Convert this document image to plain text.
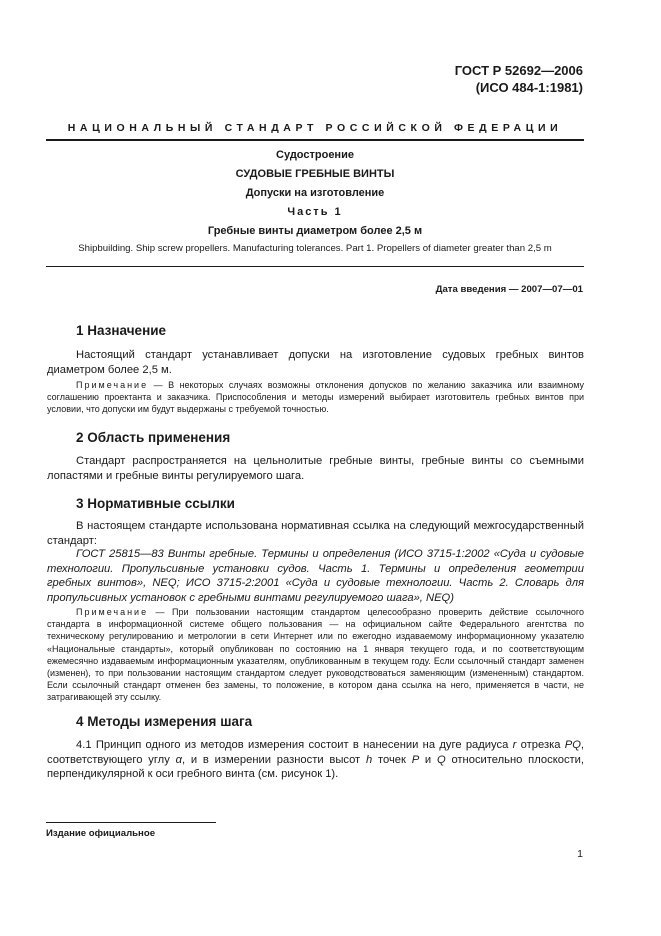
ГОСТ Р 52692—2006
(ИСО 484-1:1981)
НАЦИОНАЛЬНЫЙ СТАНДАРТ РОССИЙСКОЙ ФЕДЕРАЦИИ
Судостроение
СУДОВЫЕ ГРЕБНЫЕ ВИНТЫ
Допуски на изготовление
Часть 1
Гребные винты диаметром более 2,5 м
Shipbuilding. Ship screw propellers. Manufacturing tolerances. Part 1. Propellers of diameter greater than 2,5 m
Дата введения — 2007—07—01
1 Назначение
Настоящий стандарт устанавливает допуски на изготовление судовых гребных винтов диаметром более 2,5 м.
Примечание — В некоторых случаях возможны отклонения допусков по желанию заказчика или взаимному соглашению проектанта и заказчика. Приспособления и методы измерений выбирает изготовитель гребных винтов при условии, что допуски им будут выдержаны с требуемой точностью.
2 Область применения
Стандарт распространяется на цельнолитые гребные винты, гребные винты со съемными лопастями и гребные винты регулируемого шага.
3 Нормативные ссылки
В настоящем стандарте использована нормативная ссылка на следующий межгосударственный стандарт:
ГОСТ 25815—83 Винты гребные. Термины и определения (ИСО 3715-1:2002 «Суда и судовые технологии. Пропульсивные установки судов. Часть 1. Термины и определения геометрии гребных винтов», NEQ; ИСО 3715-2:2001 «Суда и судовые технологии. Часть 2. Словарь для пропульсивных установок с гребными винтами регулируемого шага», NEQ)
Примечание — При пользовании настоящим стандартом целесообразно проверить действие ссылочного стандарта в информационной системе общего пользования — на официальном сайте Федерального агентства по техническому регулированию и метрологии в сети Интернет или по ежегодно издаваемому информационному указателю «Национальные стандарты», который опубликован по состоянию на 1 января текущего года, и по соответствующим ежемесячно издаваемым информационным указателям, опубликованным в текущем году. Если ссылочный стандарт заменен (изменен), то при пользовании настоящим стандартом следует руководствоваться заменяющим (измененным) стандартом. Если ссылочный стандарт отменен без замены, то положение, в котором дана ссылка на него, применяется в части, не затрагивающей эту ссылку.
4 Методы измерения шага
4.1 Принцип одного из методов измерения состоит в нанесении на дуге радиуса r отрезка PQ, соответствующего углу α, и в измерении разности высот h точек P и Q относительно плоскости, перпендикулярной к оси гребного винта (см. рисунок 1).
Издание официальное
1
